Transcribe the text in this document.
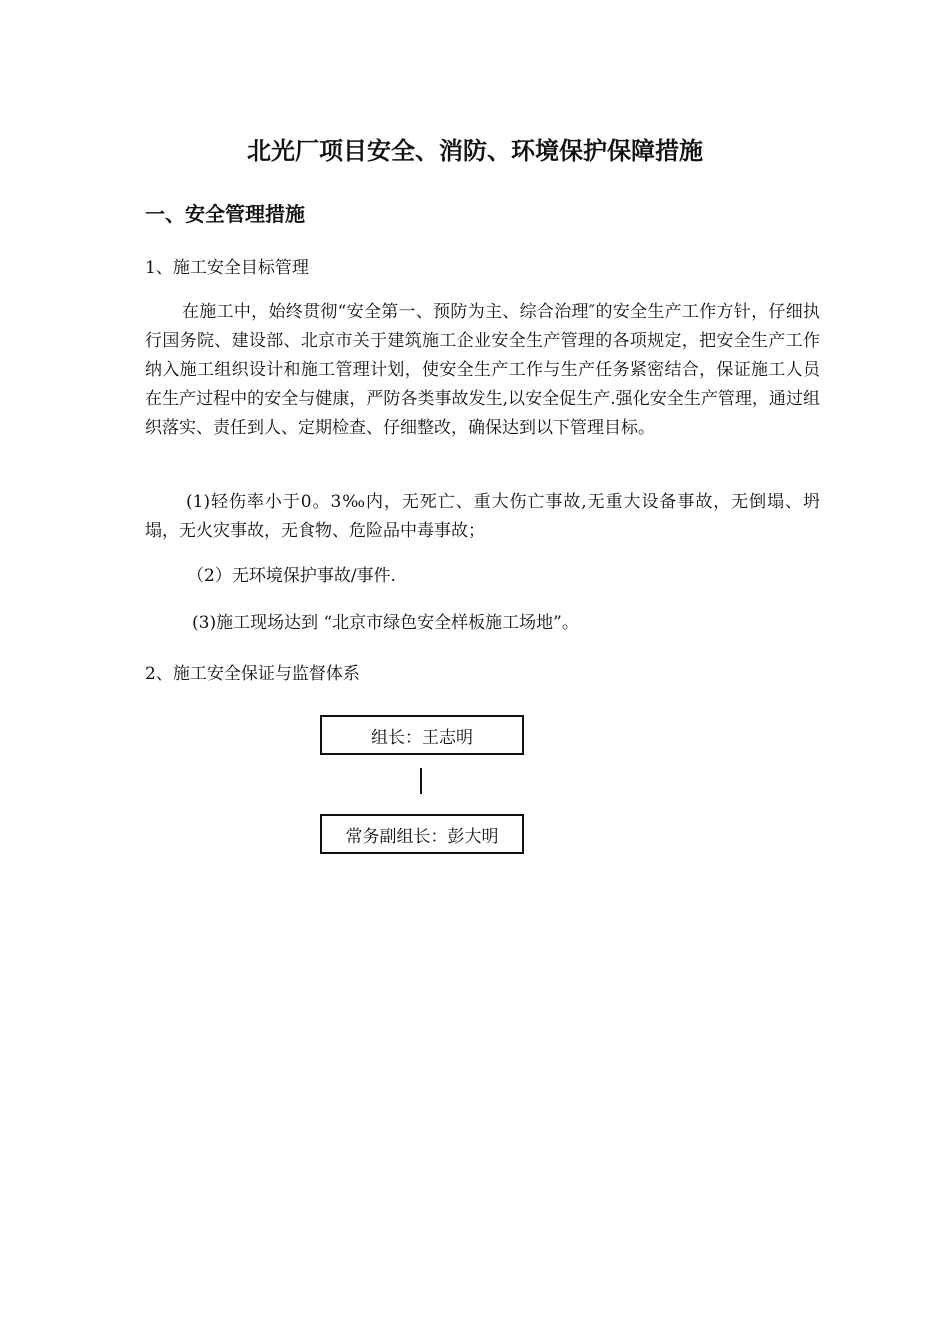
北光厂项目安全、消防、环境保护保障措施
一、安全管理措施

1、施工安全目标管理

在施工中，始终贯彻“安全第一、预防为主、综合治理″的安全生产工作方针，仔细执行国务院、建设部、北京市关于建筑施工企业安全生产管理的各项规定，把安全生产工作纳入施工组织设计和施工管理计划，使安全生产工作与生产任务紧密结合，保证施工人员在生产过程中的安全与健康，严防各类事故发生,以安全促生产.强化安全生产管理，通过组织落实、责任到人、定期检查、仔细整改，确保达到以下管理目标。

(1)轻伤率小于0。3‰内，无死亡、重大伤亡事故,无重大设备事故，无倒塌、坍塌，无火灾事故，无食物、危险品中毒事故；

（2）无环境保护事故/事件.

(3)施工现场达到 “北京市绿色安全样板施工场地”。

2、施工安全保证与监督体系

组长：王志明
常务副组长：彭大明
